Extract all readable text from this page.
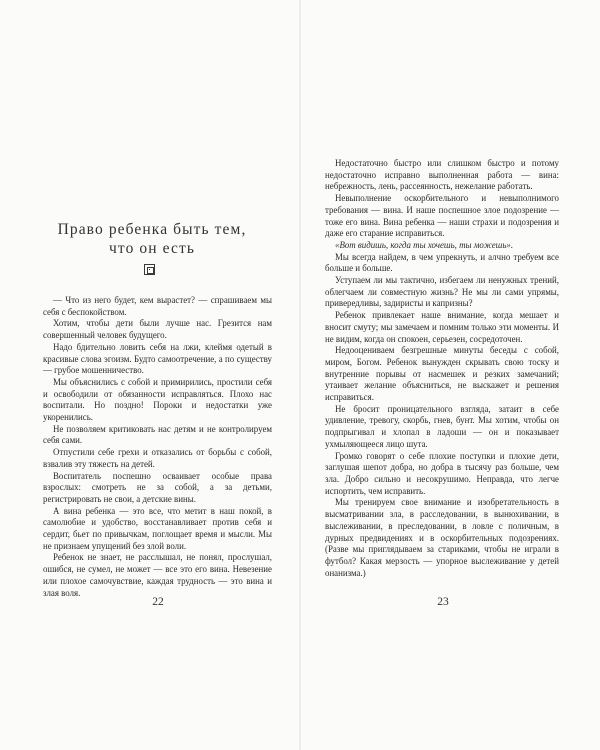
Право ребенка быть тем,
что он есть

— Что из него будет, кем вырастет? — спрашиваем мы себя с беспокойством.

Хотим, чтобы дети были лучше нас. Грезится нам совершенный человек будущего.

Надо бдительно ловить себя на лжи, клеймя одетый в красивые слова эгоизм. Будто самоотречение, а по существу — грубое мошенничество.

Мы объяснились с собой и примирились, простили себя и освободили от обязанности исправляться. Плохо нас воспитали. Но поздно! Пороки и недостатки уже укоренились.

Не позволяем критиковать нас детям и не контролируем себя сами.

Отпустили себе грехи и отказались от борьбы с собой, взвалив эту тяжесть на детей.

Воспитатель поспешно осваивает особые права взрослых: смотреть не за собой, а за детьми, регистрировать не свои, а детские вины.

А вина ребенка — это все, что метит в наш покой, в самолюбие и удобство, восстанавливает против себя и сердит, бьет по привычкам, поглощает время и мысли. Мы не признаем упущений без злой воли.

Ребенок не знает, не расслышал, не понял, прослушал, ошибся, не сумел, не может — все это его вина. Невезение или плохое самочувствие, каждая трудность — это вина и злая воля.

22

Недостаточно быстро или слишком быстро и потому недостаточно исправно выполненная работа — вина: небрежность, лень, рассеянность, нежелание работать.

Невыполнение оскорбительного и невыполнимого требования — вина. И наше поспешное злое подозрение — тоже его вина. Вина ребенка — наши страхи и подозрения и даже его старание исправиться.

«Вот видишь, когда ты хочешь, ты можешь».

Мы всегда найдем, в чем упрекнуть, и алчно требуем все больше и больше.

Уступаем ли мы тактично, избегаем ли ненужных трений, облегчаем ли совместную жизнь? Не мы ли сами упрямы, привередливы, задиристы и капризны?

Ребенок привлекает наше внимание, когда мешает и вносит смуту; мы замечаем и помним только эти моменты. И не видим, когда он спокоен, серьезен, сосредоточен.

Недооцениваем безгрешные минуты беседы с собой, миром, Богом. Ребенок вынужден скрывать свою тоску и внутренние порывы от насмешек и резких замечаний; утаивает желание объясниться, не выскажет и решения исправиться.

Не бросит проницательного взгляда, затаит в себе удивление, тревогу, скорбь, гнев, бунт. Мы хотим, чтобы он подпрыгивал и хлопал в ладоши — он и показывает ухмыляющееся лицо шута.

Громко говорят о себе плохие поступки и плохие дети, заглушая шепот добра, но добра в тысячу раз больше, чем зла. Добро сильно и несокрушимо. Неправда, что легче испортить, чем исправить.

Мы тренируем свое внимание и изобретательность в высматривании зла, в расследовании, в вынюхивании, в выслеживании, в преследовании, в ловле с поличным, в дурных предвидениях и в оскорбительных подозрениях. (Разве мы приглядываем за стариками, чтобы не играли в футбол? Какая мерзость — упорное выслеживание у детей онанизма.)

23
